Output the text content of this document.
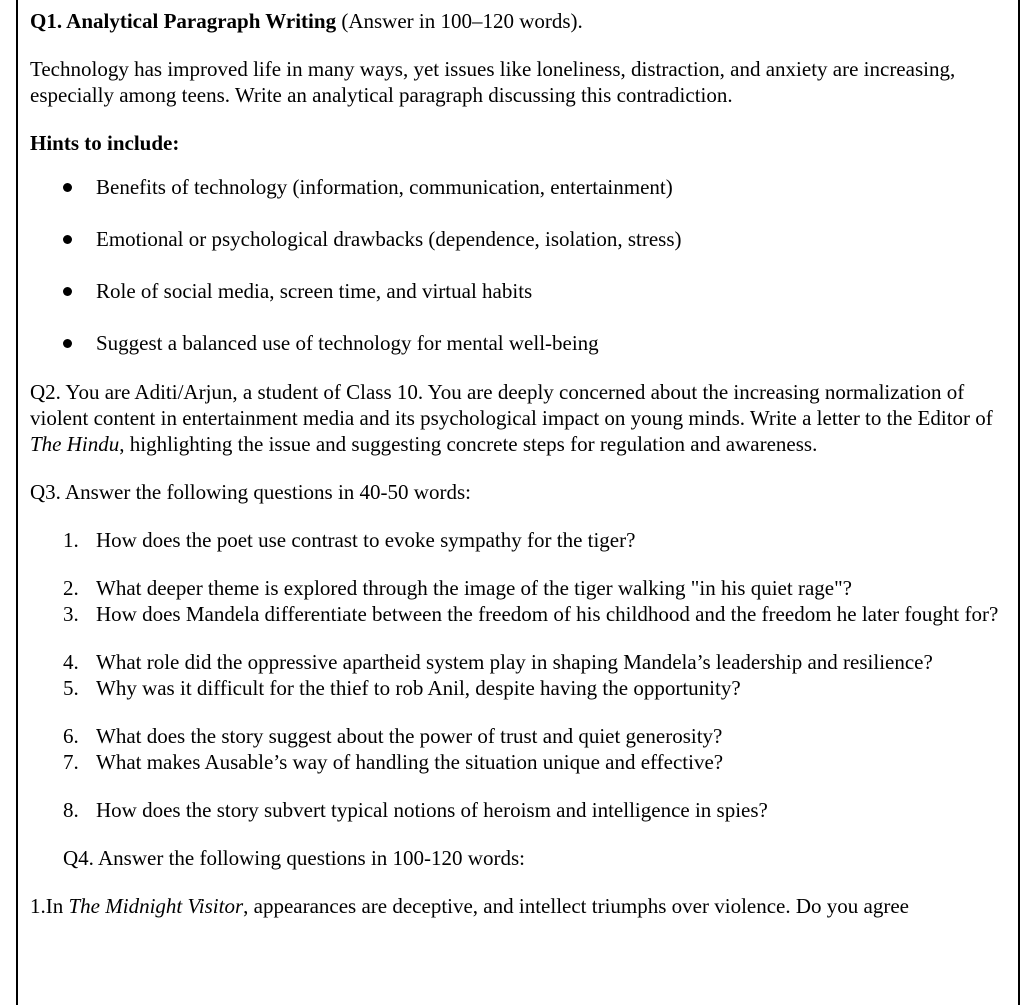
Q1. Analytical Paragraph Writing (Answer in 100–120 words).

Technology has improved life in many ways, yet issues like loneliness, distraction, and anxiety are increasing, especially among teens. Write an analytical paragraph discussing this contradiction.

Hints to include:

Benefits of technology (information, communication, entertainment)
Emotional or psychological drawbacks (dependence, isolation, stress)
Role of social media, screen time, and virtual habits
Suggest a balanced use of technology for mental well-being

Q2. You are Aditi/Arjun, a student of Class 10. You are deeply concerned about the increasing normalization of violent content in entertainment media and its psychological impact on young minds. Write a letter to the Editor of The Hindu, highlighting the issue and suggesting concrete steps for regulation and awareness.

Q3. Answer the following questions in 40-50 words:

1. How does the poet use contrast to evoke sympathy for the tiger?
2. What deeper theme is explored through the image of the tiger walking "in his quiet rage"?
3. How does Mandela differentiate between the freedom of his childhood and the freedom he later fought for?
4. What role did the oppressive apartheid system play in shaping Mandela’s leadership and resilience?
5. Why was it difficult for the thief to rob Anil, despite having the opportunity?
6. What does the story suggest about the power of trust and quiet generosity?
7. What makes Ausable’s way of handling the situation unique and effective?
8. How does the story subvert typical notions of heroism and intelligence in spies?

Q4. Answer the following questions in 100-120 words:

1.In The Midnight Visitor, appearances are deceptive, and intellect triumphs over violence. Do you agree
